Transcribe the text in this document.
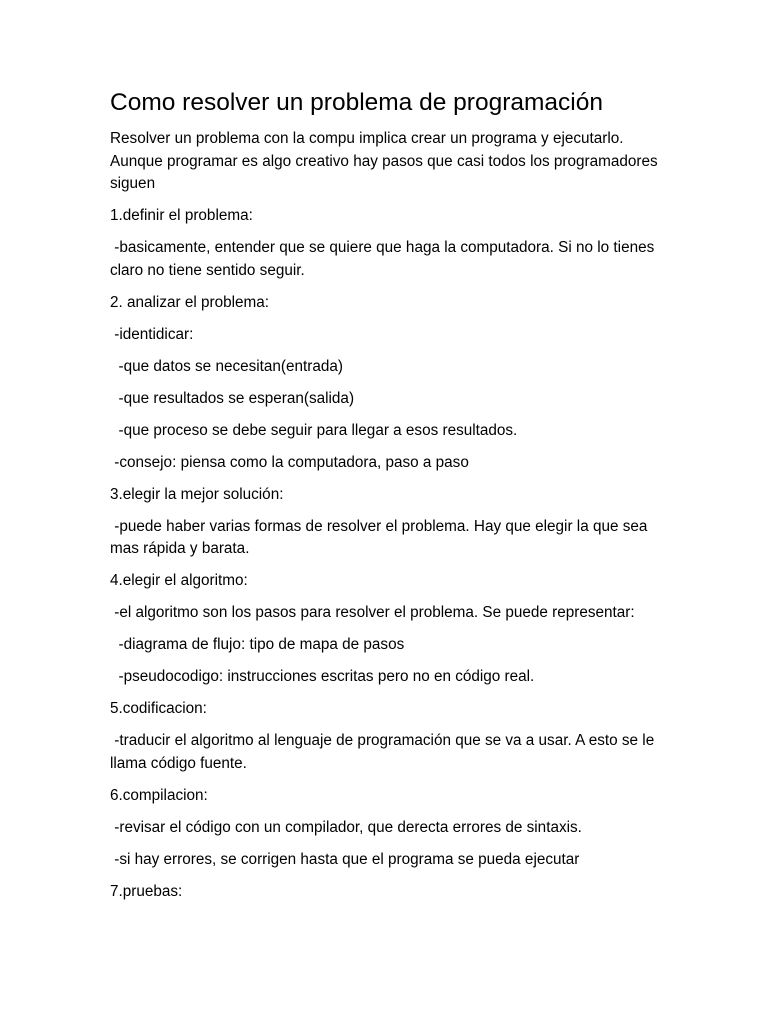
Como resolver un problema de programación

Resolver un problema con la compu implica crear un programa y ejecutarlo. Aunque programar es algo creativo hay pasos que casi todos los programadores siguen

1.definir el problema:

-basicamente, entender que se quiere que haga la computadora. Si no lo tienes claro no tiene sentido seguir.

2. analizar el problema:

-identidicar:

-que datos se necesitan(entrada)

-que resultados se esperan(salida)

-que proceso se debe seguir para llegar a esos resultados.

-consejo: piensa como la computadora, paso a paso

3.elegir la mejor solución:

-puede haber varias formas de resolver el problema. Hay que elegir la que sea mas rápida y barata.

4.elegir el algoritmo:

-el algoritmo son los pasos para resolver el problema. Se puede representar:

-diagrama de flujo: tipo de mapa de pasos

-pseudocodigo: instrucciones escritas pero no en código real.

5.codificacion:

-traducir el algoritmo al lenguaje de programación que se va a usar. A esto se le llama código fuente.

6.compilacion:

-revisar el código con un compilador, que derecta errores de sintaxis.

-si hay errores, se corrigen hasta que el programa se pueda ejecutar

7.pruebas:
